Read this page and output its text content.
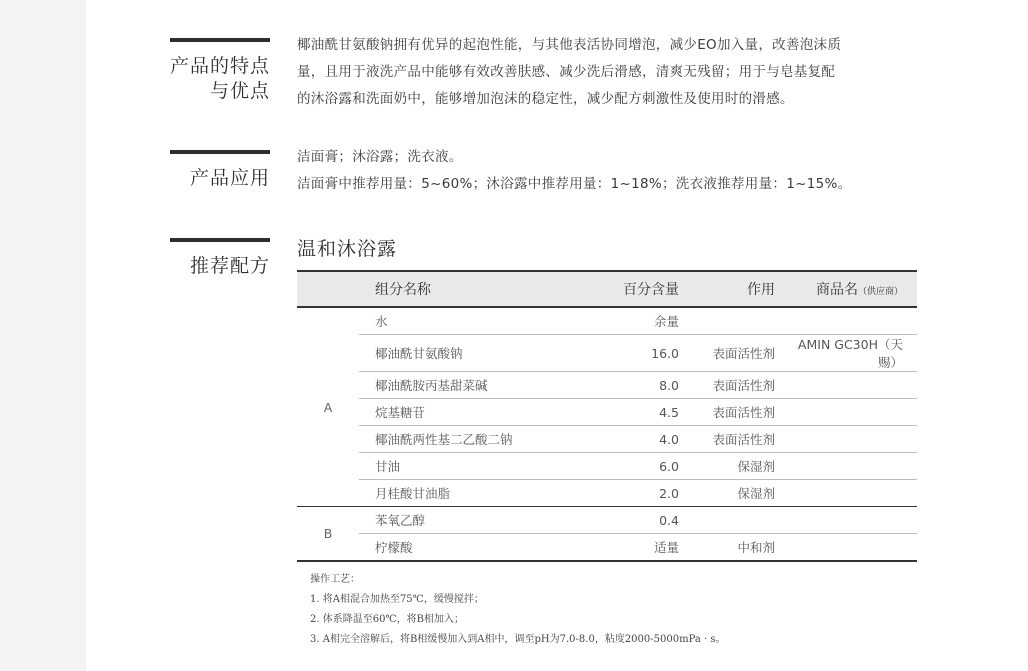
产品的特点
与优点
椰油酰甘氨酸钠拥有优异的起泡性能，与其他表活协同增泡，减少EO加入量，改善泡沫质
量，且用于液洗产品中能够有效改善肤感、减少洗后滑感，清爽无残留；用于与皂基复配
的沐浴露和洗面奶中，能够增加泡沫的稳定性，减少配方刺激性及使用时的滑感。
产品应用
洁面膏；沐浴露；洗衣液。
洁面膏中推荐用量：5~60%；沐浴露中推荐用量：1~18%；洗衣液推荐用量：1~15%。
推荐配方
温和沐浴露
	组分名称	百分含量	作用	商品名（供应商）
A	水	余量		
	椰油酰甘氨酸钠	16.0	表面活性剂	AMIN GC30H（天赐）
	椰油酰胺丙基甜菜碱	8.0	表面活性剂	
	烷基糖苷	4.5	表面活性剂	
	椰油酰两性基二乙酸二钠	4.0	表面活性剂	
	甘油	6.0	保湿剂	
	月桂酸甘油脂	2.0	保湿剂	
B	苯氧乙醇	0.4		
	柠檬酸	适量	中和剂	
操作工艺：
1. 将A相混合加热至75℃，缓慢搅拌；
2. 体系降温至60℃，将B相加入；
3. A相完全溶解后，将B相缓慢加入到A相中，调至pH为7.0-8.0，粘度2000-5000mPa · s。
